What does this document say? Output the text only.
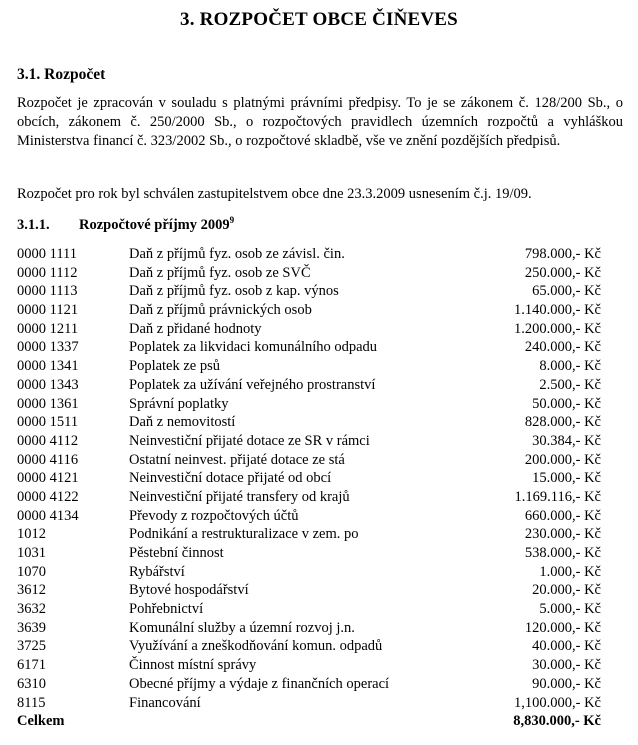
3. ROZPOČET OBCE ČIŇEVES
3.1. Rozpočet

Rozpočet je zpracován v souladu s platnými právními předpisy. To je se zákonem č. 128/200 Sb., o obcích, zákonem č. 250/2000 Sb., o rozpočtových pravidlech územních rozpočtů a vyhláškou Ministerstva financí č. 323/2002 Sb., o rozpočtové skladbě, vše ve znění pozdějších předpisů.

Rozpočet pro rok byl schválen zastupitelstvem obce dne 23.3.2009 usnesením č.j. 19/09.

3.1.1. Rozpočtové příjmy 2009$^9$
0000 1111	Daň z příjmů fyz. osob ze závisl. čin.	798.000,- Kč
0000 1112	Daň z příjmů fyz. osob ze SVČ	250.000,- Kč
0000 1113	Daň z příjmů fyz. osob z kap. výnos	65.000,- Kč
0000 1121	Daň z příjmů právnických osob	1.140.000,- Kč
0000 1211	Daň z přidané hodnoty	1.200.000,- Kč
0000 1337	Poplatek za likvidaci komunálního odpadu	240.000,- Kč
0000 1341	Poplatek ze psů	8.000,- Kč
0000 1343	Poplatek za užívání veřejného prostranství	2.500,- Kč
0000 1361	Správní poplatky	50.000,- Kč
0000 1511	Daň z nemovitostí	828.000,- Kč
0000 4112	Neinvestiční přijaté dotace ze SR v rámci	30.384,- Kč
0000 4116	Ostatní neinvest. přijaté dotace ze stá	200.000,- Kč
0000 4121	Neinvestiční dotace přijaté od obcí	15.000,- Kč
0000 4122	Neinvestiční přijaté transfery od krajů	1.169.116,- Kč
0000 4134	Převody z rozpočtových účtů	660.000,- Kč
1012	Podnikání a restrukturalizace v zem. po	230.000,- Kč
1031	Pěstební činnost	538.000,- Kč
1070	Rybářství	1.000,- Kč
3612	Bytové hospodářství	20.000,- Kč
3632	Pohřebnictví	5.000,- Kč
3639	Komunální služby a územní rozvoj j.n.	120.000,- Kč
3725	Využívání a zneškodňování komun. odpadů	40.000,- Kč
6171	Činnost místní správy	30.000,- Kč
6310	Obecné příjmy a výdaje z finančních operací	90.000,- Kč
8115	Financování	1,100.000,- Kč
Celkem	8,830.000,- Kč
